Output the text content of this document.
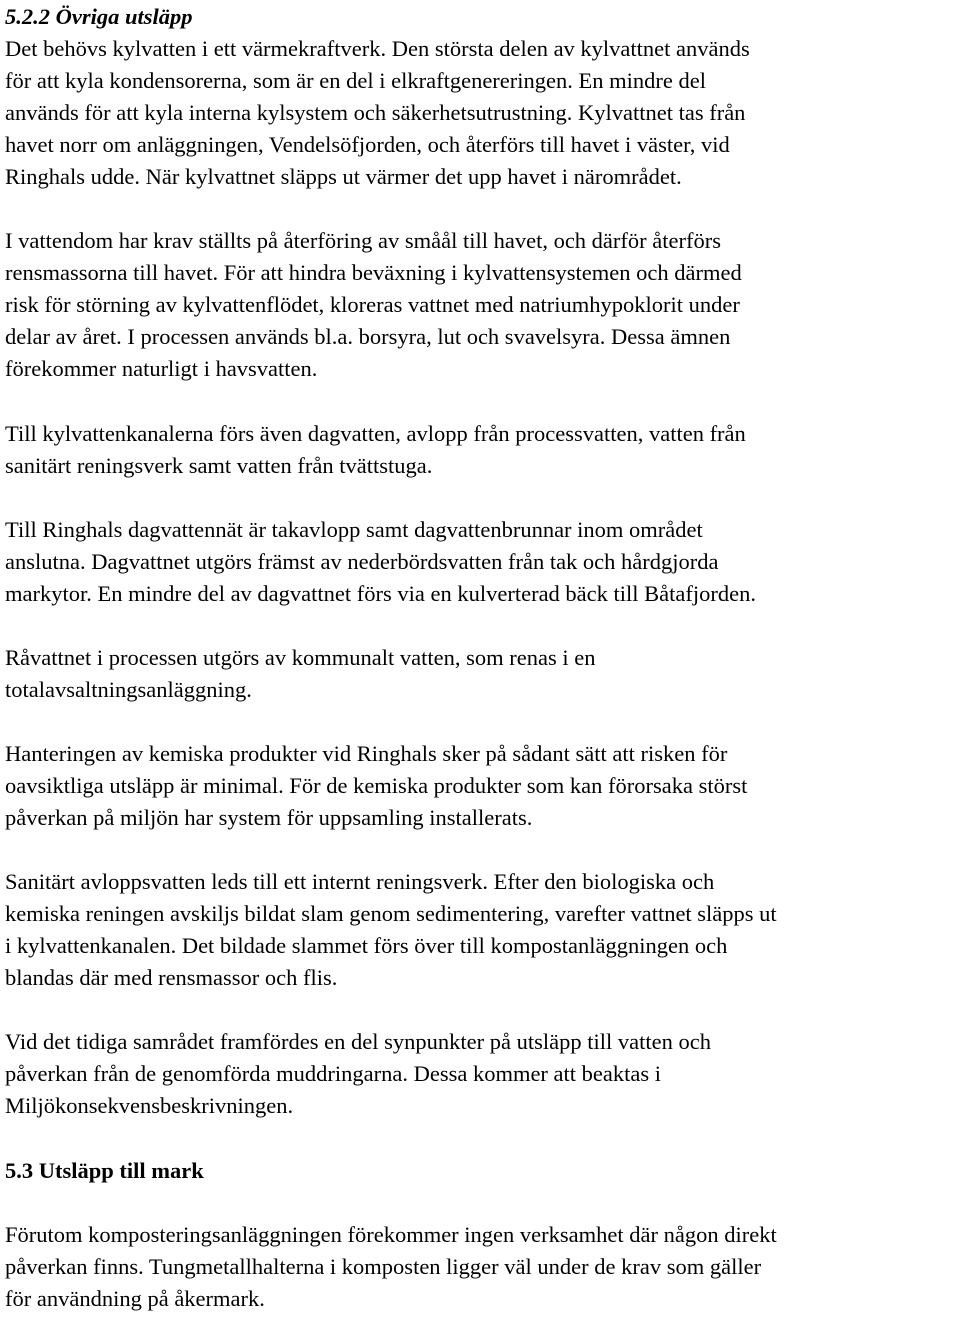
5.2.2 Övriga utsläpp

Det behövs kylvatten i ett värmekraftverk. Den största delen av kylvattnet används
för att kyla kondensorerna, som är en del i elkraftgenereringen. En mindre del
används för att kyla interna kylsystem och säkerhetsutrustning. Kylvattnet tas från
havet norr om anläggningen, Vendelsöfjorden, och återförs till havet i väster, vid
Ringhals udde. När kylvattnet släpps ut värmer det upp havet i närområdet.

I vattendom har krav ställts på återföring av småål till havet, och därför återförs
rensmassorna till havet. För att hindra beväxning i kylvattensystemen och därmed
risk för störning av kylvattenflödet, kloreras vattnet med natriumhypoklorit under
delar av året. I processen används bl.a. borsyra, lut och svavelsyra. Dessa ämnen
förekommer naturligt i havsvatten.

Till kylvattenkanalerna förs även dagvatten, avlopp från processvatten, vatten från
sanitärt reningsverk samt vatten från tvättstuga.

Till Ringhals dagvattennät är takavlopp samt dagvattenbrunnar inom området
anslutna. Dagvattnet utgörs främst av nederbördsvatten från tak och hårdgjorda
markytor. En mindre del av dagvattnet förs via en kulverterad bäck till Båtafjorden.

Råvattnet i processen utgörs av kommunalt vatten, som renas i en
totalavsaltningsanläggning.

Hanteringen av kemiska produkter vid Ringhals sker på sådant sätt att risken för
oavsiktliga utsläpp är minimal. För de kemiska produkter som kan förorsaka störst
påverkan på miljön har system för uppsamling installerats.

Sanitärt avloppsvatten leds till ett internt reningsverk. Efter den biologiska och
kemiska reningen avskiljs bildat slam genom sedimentering, varefter vattnet släpps ut
i kylvattenkanalen. Det bildade slammet förs över till kompostanläggningen och
blandas där med rensmassor och flis.

Vid det tidiga samrådet framfördes en del synpunkter på utsläpp till vatten och
påverkan från de genomförda muddringarna. Dessa kommer att beaktas i
Miljökonsekvensbeskrivningen.

5.3 Utsläpp till mark

Förutom komposteringsanläggningen förekommer ingen verksamhet där någon direkt
påverkan finns. Tungmetallhalterna i komposten ligger väl under de krav som gäller
för användning på åkermark.
